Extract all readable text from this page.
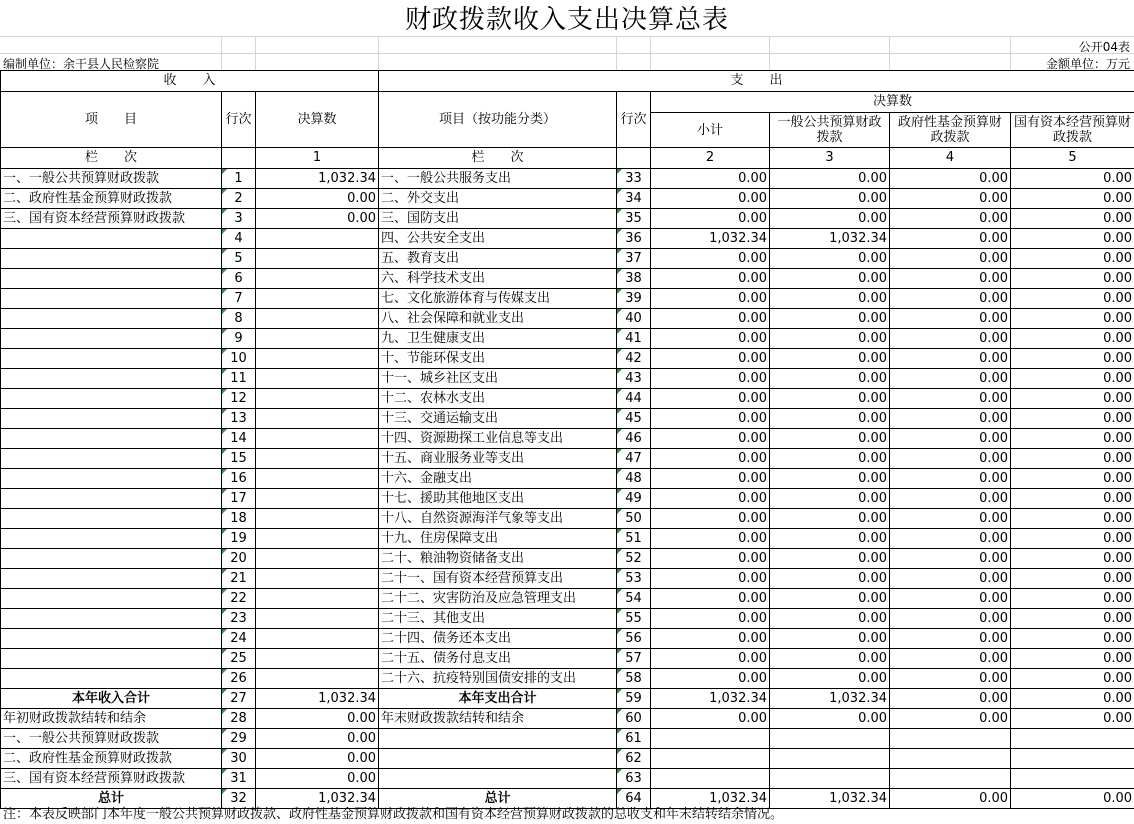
财政拨款收入支出决算总表
公开04表
编制单位：余干县人民检察院	金额单位：万元
收　　入			支　　出					
项　　目	行次	决算数	项目（按功能分类）	行次	决算数			
					小计	一般公共预算财政拨款	政府性基金预算财政拨款	国有资本经营预算财政拨款
栏　　次		1	栏　　次		2	3	4	5
一、一般公共预算财政拨款	1	1,032.34	一、一般公共服务支出	33	0.00	0.00	0.00	0.00
二、政府性基金预算财政拨款	2	0.00	二、外交支出	34	0.00	0.00	0.00	0.00
三、国有资本经营预算财政拨款	3	0.00	三、国防支出	35	0.00	0.00	0.00	0.00
	4		四、公共安全支出	36	1,032.34	1,032.34	0.00	0.00
	5		五、教育支出	37	0.00	0.00	0.00	0.00
	6		六、科学技术支出	38	0.00	0.00	0.00	0.00
	7		七、文化旅游体育与传媒支出	39	0.00	0.00	0.00	0.00
	8		八、社会保障和就业支出	40	0.00	0.00	0.00	0.00
	9		九、卫生健康支出	41	0.00	0.00	0.00	0.00
	10		十、节能环保支出	42	0.00	0.00	0.00	0.00
	11		十一、城乡社区支出	43	0.00	0.00	0.00	0.00
	12		十二、农林水支出	44	0.00	0.00	0.00	0.00
	13		十三、交通运输支出	45	0.00	0.00	0.00	0.00
	14		十四、资源勘探工业信息等支出	46	0.00	0.00	0.00	0.00
	15		十五、商业服务业等支出	47	0.00	0.00	0.00	0.00
	16		十六、金融支出	48	0.00	0.00	0.00	0.00
	17		十七、援助其他地区支出	49	0.00	0.00	0.00	0.00
	18		十八、自然资源海洋气象等支出	50	0.00	0.00	0.00	0.00
	19		十九、住房保障支出	51	0.00	0.00	0.00	0.00
	20		二十、粮油物资储备支出	52	0.00	0.00	0.00	0.00
	21		二十一、国有资本经营预算支出	53	0.00	0.00	0.00	0.00
	22		二十二、灾害防治及应急管理支出	54	0.00	0.00	0.00	0.00
	23		二十三、其他支出	55	0.00	0.00	0.00	0.00
	24		二十四、债务还本支出	56	0.00	0.00	0.00	0.00
	25		二十五、债务付息支出	57	0.00	0.00	0.00	0.00
	26		二十六、抗疫特别国债安排的支出	58	0.00	0.00	0.00	0.00
本年收入合计	27	1,032.34	本年支出合计	59	1,032.34	1,032.34	0.00	0.00
年初财政拨款结转和结余	28	0.00	年末财政拨款结转和结余	60	0.00	0.00	0.00	0.00
一、一般公共预算财政拨款	29	0.00		61				
二、政府性基金预算财政拨款	30	0.00		62				
三、国有资本经营预算财政拨款	31	0.00		63				
总计	32	1,032.34	总计	64	1,032.34	1,032.34	0.00	0.00
注：本表反映部门本年度一般公共预算财政拨款、政府性基金预算财政拨款和国有资本经营预算财政拨款的总收支和年末结转结余情况。
